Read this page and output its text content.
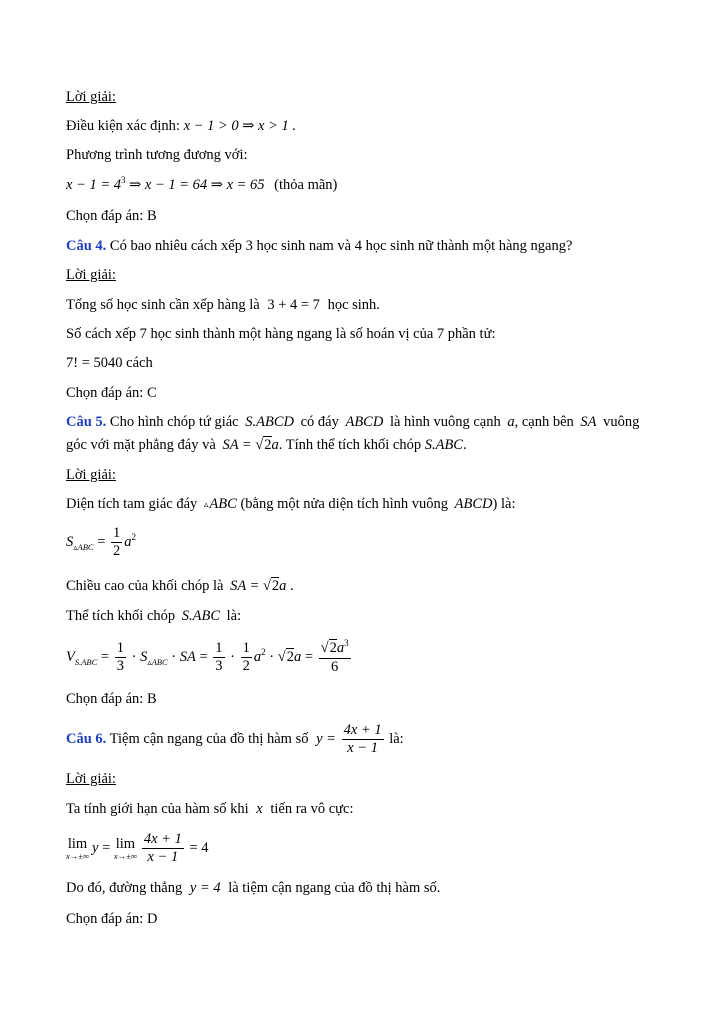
Lời giải:
Điều kiện xác định: x − 1 > 0 ⇒ x > 1 .
Phương trình tương đương với:
$x - 1 = 4^3$ ⇒ x − 1 = 64 ⇒ x = 65 (thỏa mãn)
Chọn đáp án: B
Câu 4. Có bao nhiêu cách xếp 3 học sinh nam và 4 học sinh nữ thành một hàng ngang?
Lời giải:
Tổng số học sinh cần xếp hàng là 3 + 4 = 7 học sinh.
Số cách xếp 7 học sinh thành một hàng ngang là số hoán vị của 7 phần tử:
7! = 5040 cách
Chọn đáp án: C
Câu 5. Cho hình chóp tứ giác S.ABCD có đáy ABCD là hình vuông cạnh a, cạnh bên SA vuông
góc với mặt phẳng đáy và SA = √2a. Tính thể tích khối chóp S.ABC.
Lời giải:
Diện tích tam giác đáy ▵ABC (bằng một nửa diện tích hình vuông ABCD) là:
$S_{▵ABC} = \frac{1}{2} a^2$
Chiều cao của khối chóp là SA = √2a .
Thể tích khối chóp S.ABC là:
$V_{S.ABC} = \frac{1}{3} \cdot S_{▵ABC}$ · SA = $\frac{1}{3} \cdot \frac{1}{2} a^2 \cdot √2a = \frac{√2a^3}{6}$
Chọn đáp án: B
Câu 6. Tiệm cận ngang của đồ thị hàm số $y = \frac{4x + 1}{x - 1}$ là:
Lời giải:
Ta tính giới hạn của hàm số khi x tiến ra vô cực:
lim
x→±∞
y = lim
$x\to\pm\infty \frac{4x + 1}{x - 1} = 4$
Do đó, đường thẳng y = 4 là tiệm cận ngang của đồ thị hàm số.
Chọn đáp án: D
